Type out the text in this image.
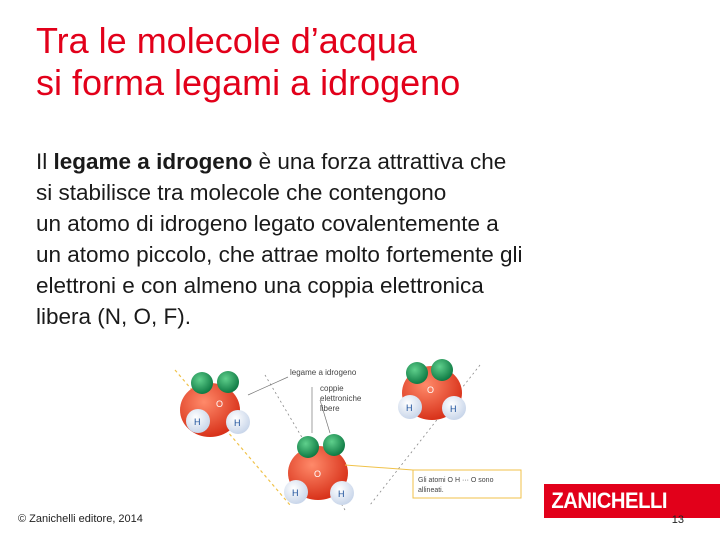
Tra le molecole d’acqua
si forma legami a idrogeno
Il legame a idrogeno è una forza attrattiva che
si stabilisce tra molecole che contengono
un atomo di idrogeno legato covalentemente a
un atomo piccolo, che attrae molto fortemente gli
elettroni e con almeno una coppia elettronica
libera (N, O, F).
O
H	H
O
H	H
O
H	H
legame a idrogeno
coppie
elettroniche
libere
Gli atomi O H ··· O sono
allineati.
© Zanichelli editore, 2014
ZANICHELLI
13
